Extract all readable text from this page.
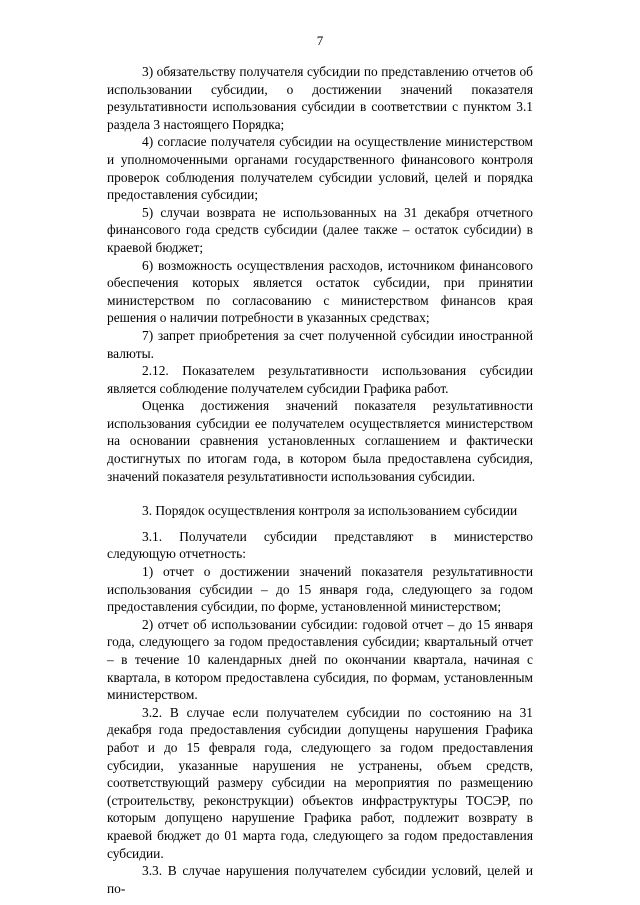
7

3) обязательству получателя субсидии по представлению отчетов об использовании субсидии, о достижении значений показателя результативности использования субсидии в соответствии с пунктом 3.1 раздела 3 настоящего Порядка;

4) согласие получателя субсидии на осуществление министерством и уполномоченными органами государственного финансового контроля проверок соблюдения получателем субсидии условий, целей и порядка предоставления субсидии;

5) случаи возврата не использованных на 31 декабря отчетного финансового года средств субсидии (далее также – остаток субсидии) в краевой бюджет;

6) возможность осуществления расходов, источником финансового обеспечения которых является остаток субсидии, при принятии министерством по согласованию с министерством финансов края решения о наличии потребности в указанных средствах;

7) запрет приобретения за счет полученной субсидии иностранной валюты.

2.12. Показателем результативности использования субсидии является соблюдение получателем субсидии Графика работ.

Оценка достижения значений показателя результативности использования субсидии ее получателем осуществляется министерством на основании сравнения установленных соглашением и фактически достигнутых по итогам года, в котором была предоставлена субсидия, значений показателя результативности использования субсидии.

3. Порядок осуществления контроля за использованием субсидии

3.1. Получатели субсидии представляют в министерство следующую отчетность:

1) отчет о достижении значений показателя результативности использования субсидии – до 15 января года, следующего за годом предоставления субсидии, по форме, установленной министерством;

2) отчет об использовании субсидии: годовой отчет – до 15 января года, следующего за годом предоставления субсидии; квартальный отчет – в течение 10 календарных дней по окончании квартала, начиная с квартала, в котором предоставлена субсидия, по формам, установленным министерством.

3.2. В случае если получателем субсидии по состоянию на 31 декабря года предоставления субсидии допущены нарушения Графика работ и до 15 февраля года, следующего за годом предоставления субсидии, указанные нарушения не устранены, объем средств, соответствующий размеру субсидии на мероприятия по размещению (строительству, реконструкции) объектов инфраструктуры ТОСЭР, по которым допущено нарушение Графика работ, подлежит возврату в краевой бюджет до 01 марта года, следующего за годом предоставления субсидии.

3.3. В случае нарушения получателем субсидии условий, целей и по-
